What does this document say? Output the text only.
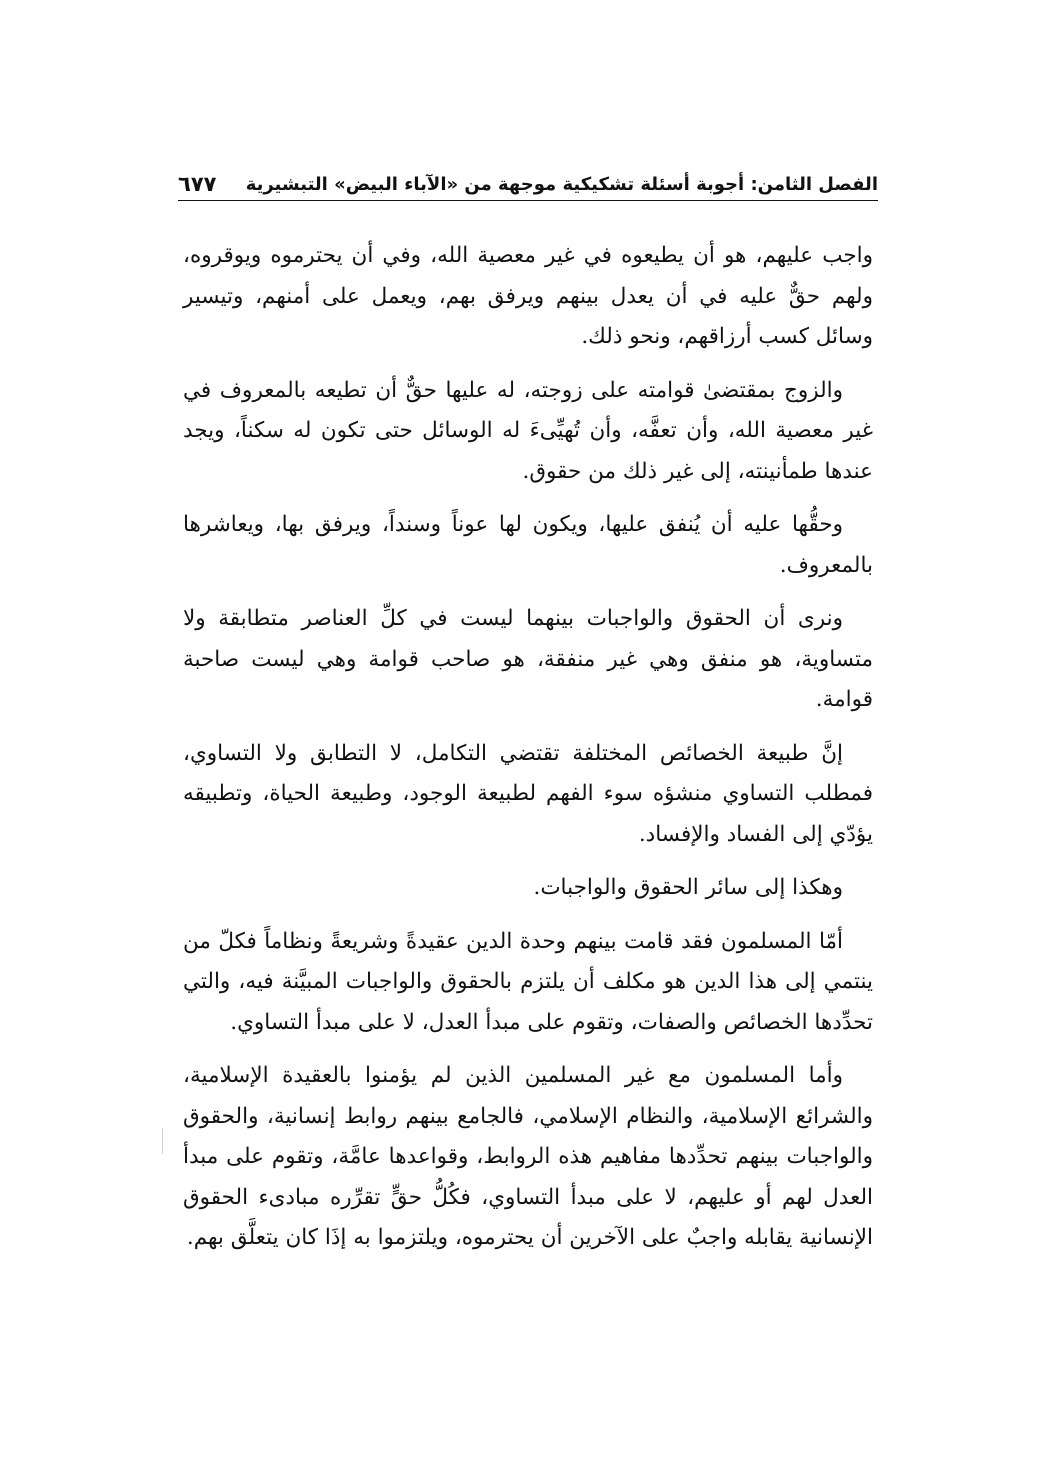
الفصل الثامن: أجوبة أسئلة تشكيكية موجهة من «الآباء البيض» التبشيرية
٦٧٧

واجب عليهم، هو أن يطيعوه في غير معصية الله، وفي أن يحترموه ويوقروه، ولهم حقٌّ عليه في أن يعدل بينهم ويرفق بهم، ويعمل على أمنهم، وتيسير وسائل كسب أرزاقهم، ونحو ذلك.

والزوج بمقتضىٰ قوامته على زوجته، له عليها حقٌّ أن تطيعه بالمعروف في غير معصية الله، وأن تعفَّه، وأن تُهيِّىءَ له الوسائل حتى تكون له سكناً، ويجد عندها طمأنينته، إلى غير ذلك من حقوق.

وحقُّها عليه أن يُنفق عليها، ويكون لها عوناً وسنداً، ويرفق بها، ويعاشرها بالمعروف.

ونرى أن الحقوق والواجبات بينهما ليست في كلِّ العناصر متطابقة ولا متساوية، هو منفق وهي غير منفقة، هو صاحب قوامة وهي ليست صاحبة قوامة.

إنَّ طبيعة الخصائص المختلفة تقتضي التكامل، لا التطابق ولا التساوي، فمطلب التساوي منشؤه سوء الفهم لطبيعة الوجود، وطبيعة الحياة، وتطبيقه يؤدّي إلى الفساد والإفساد.

وهكذا إلى سائر الحقوق والواجبات.

أمّا المسلمون فقد قامت بينهم وحدة الدين عقيدةً وشريعةً ونظاماً فكلّ من ينتمي إلى هذا الدين هو مكلف أن يلتزم بالحقوق والواجبات المبيَّنة فيه، والتي تحدِّدها الخصائص والصفات، وتقوم على مبدأ العدل، لا على مبدأ التساوي.

وأما المسلمون مع غير المسلمين الذين لم يؤمنوا بالعقيدة الإسلامية، والشرائع الإسلامية، والنظام الإسلامي، فالجامع بينهم روابط إنسانية، والحقوق والواجبات بينهم تحدِّدها مفاهيم هذه الروابط، وقواعدها عامَّة، وتقوم على مبدأ العدل لهم أو عليهم، لا على مبدأ التساوي، فكُلُّ حقٍّ تقرِّره مبادىء الحقوق الإنسانية يقابله واجبٌ على الآخرين أن يحترموه، ويلتزموا به إذَا كان يتعلَّق بهم.
